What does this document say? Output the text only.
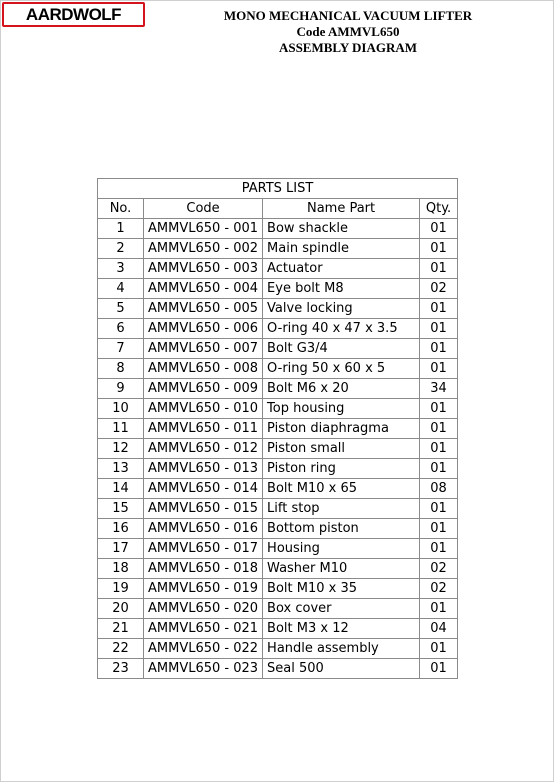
AARDWOLF	MONO MECHANICAL VACUUM LIFTER
Code AMMVL650
ASSEMBLY DIAGRAM
PARTS LIST			
No.	Code	Name Part	Qty.
1	AMMVL650 - 001	Bow shackle	01
2	AMMVL650 - 002	Main spindle	01
3	AMMVL650 - 003	Actuator	01
4	AMMVL650 - 004	Eye bolt M8	02
5	AMMVL650 - 005	Valve locking	01
6	AMMVL650 - 006	O-ring 40 x 47 x 3.5	01
7	AMMVL650 - 007	Bolt G3/4	01
8	AMMVL650 - 008	O-ring 50 x 60 x 5	01
9	AMMVL650 - 009	Bolt M6 x 20	34
10	AMMVL650 - 010	Top housing	01
11	AMMVL650 - 011	Piston diaphragma	01
12	AMMVL650 - 012	Piston small	01
13	AMMVL650 - 013	Piston ring	01
14	AMMVL650 - 014	Bolt M10 x 65	08
15	AMMVL650 - 015	Lift stop	01
16	AMMVL650 - 016	Bottom piston	01
17	AMMVL650 - 017	Housing	01
18	AMMVL650 - 018	Washer M10	02
19	AMMVL650 - 019	Bolt M10 x 35	02
20	AMMVL650 - 020	Box cover	01
21	AMMVL650 - 021	Bolt M3 x 12	04
22	AMMVL650 - 022	Handle assembly	01
23	AMMVL650 - 023	Seal 500	01
